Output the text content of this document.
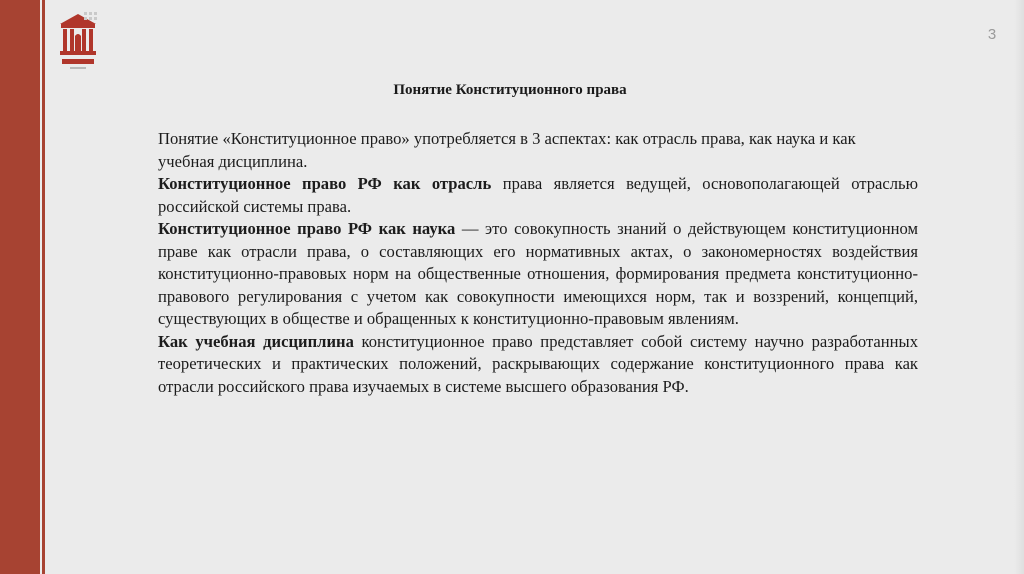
3
Понятие Конституционного права

Понятие «Конституционное право» употребляется в 3 аспектах: как отрасль права, как наука и как учебная дисциплина.

Конституционное право РФ как отрасль права является ведущей, основополагающей отраслью российской системы права.

Конституционное право РФ как наука — это совокупность знаний о действующем конституционном праве как отрасли права, о составляющих его нормативных актах, о закономерностях воздействия конституционно-правовых норм на общественные отношения, формирования предмета конституционно-правового регулирования с учетом как совокупности имеющихся норм, так и воззрений, концепций, существующих в обществе и обращенных к конституционно-правовым явлениям.

Как учебная дисциплина конституционное право представляет собой систему научно разработанных теоретических и практических положений, раскрывающих содержание конституционного права как отрасли российского права изучаемых в системе высшего образования РФ.
